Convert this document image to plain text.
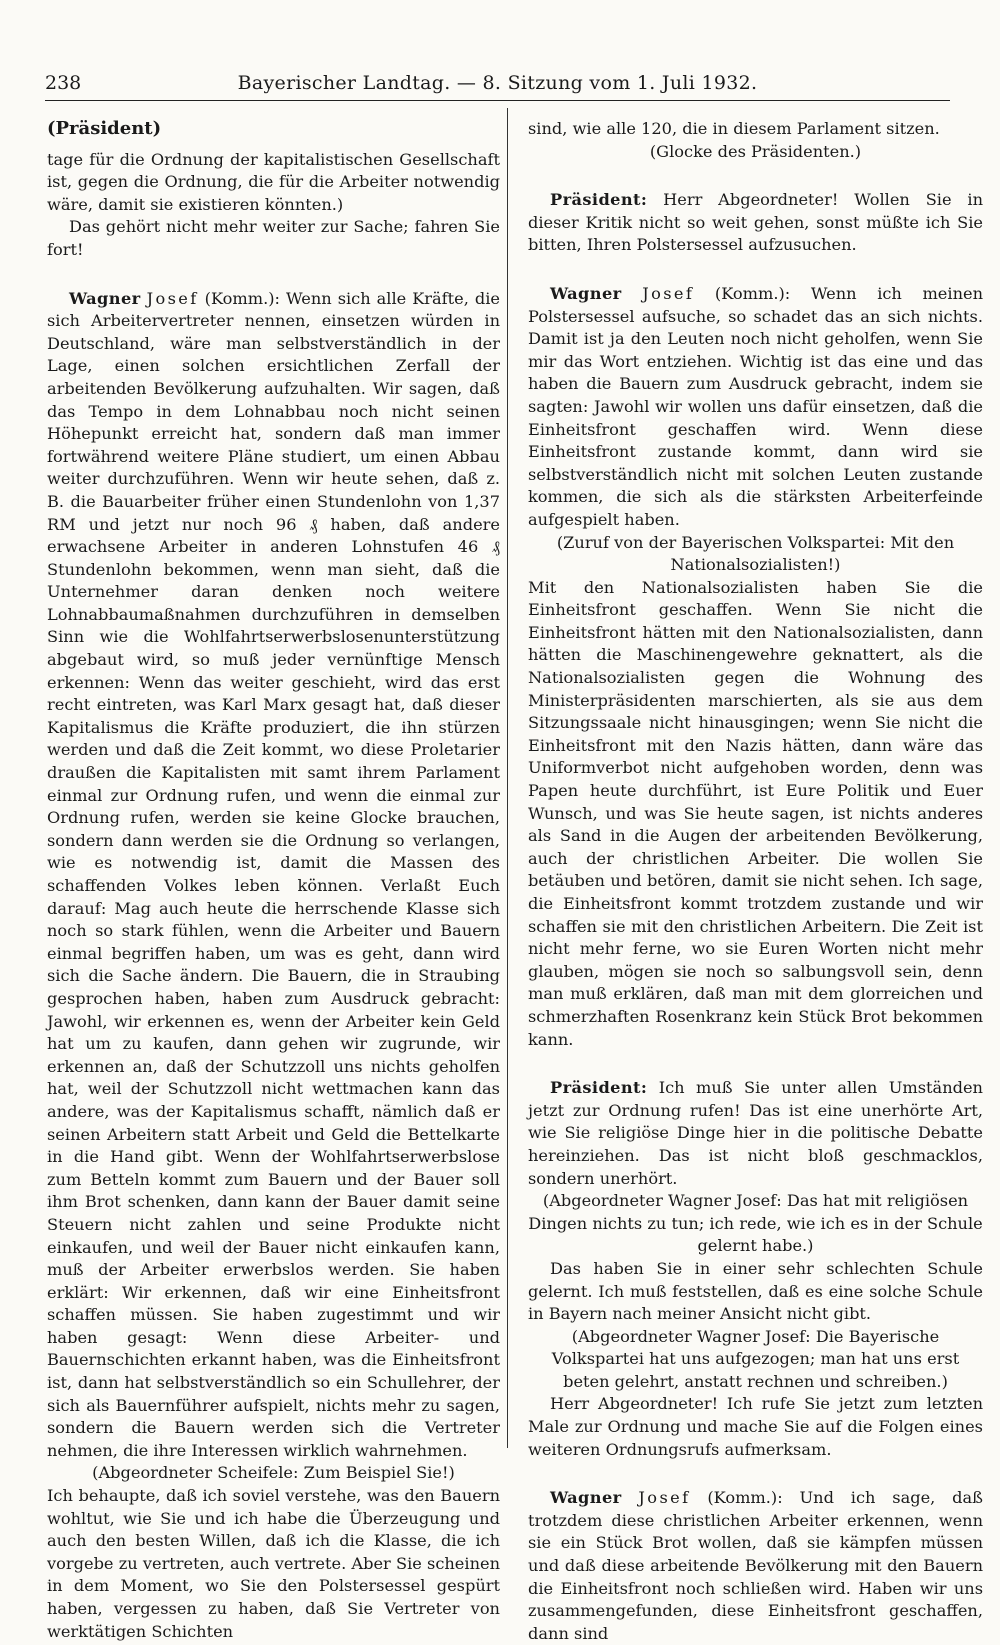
238	Bayerischer Landtag. — 8. Sitzung vom 1. Juli 1932.

(Präsident)

tage für die Ordnung der kapitalistischen Gesellschaft ist, gegen die Ordnung, die für die Arbeiter notwendig wäre, damit sie existieren könnten.)

Das gehört nicht mehr weiter zur Sache; fahren Sie fort!

Wagner Josef (Komm.): Wenn sich alle Kräfte, die sich Arbeitervertreter nennen, einsetzen würden in Deutschland, wäre man selbstverständlich in der Lage, einen solchen ersichtlichen Zerfall der arbeitenden Bevölkerung aufzuhalten. Wir sagen, daß das Tempo in dem Lohnabbau noch nicht seinen Höhepunkt erreicht hat, sondern daß man immer fortwährend weitere Pläne studiert, um einen Abbau weiter durchzuführen. Wenn wir heute sehen, daß z. B. die Bauarbeiter früher einen Stundenlohn von 1,37 RM und jetzt nur noch 96 ₰ haben, daß andere erwachsene Arbeiter in anderen Lohnstufen 46 ₰ Stundenlohn bekommen, wenn man sieht, daß die Unternehmer daran denken noch weitere Lohnabbaumaßnahmen durchzuführen in demselben Sinn wie die Wohlfahrtserwerbslosenunterstützung abgebaut wird, so muß jeder vernünftige Mensch erkennen: Wenn das weiter geschieht, wird das erst recht eintreten, was Karl Marx gesagt hat, daß dieser Kapitalismus die Kräfte produziert, die ihn stürzen werden und daß die Zeit kommt, wo diese Proletarier draußen die Kapitalisten mit samt ihrem Parlament einmal zur Ordnung rufen, und wenn die einmal zur Ordnung rufen, werden sie keine Glocke brauchen, sondern dann werden sie die Ordnung so verlangen, wie es notwendig ist, damit die Massen des schaffenden Volkes leben können. Verlaßt Euch darauf: Mag auch heute die herrschende Klasse sich noch so stark fühlen, wenn die Arbeiter und Bauern einmal begriffen haben, um was es geht, dann wird sich die Sache ändern. Die Bauern, die in Straubing gesprochen haben, haben zum Ausdruck gebracht: Jawohl, wir erkennen es, wenn der Arbeiter kein Geld hat um zu kaufen, dann gehen wir zugrunde, wir erkennen an, daß der Schutzzoll uns nichts geholfen hat, weil der Schutzzoll nicht wettmachen kann das andere, was der Kapitalismus schafft, nämlich daß er seinen Arbeitern statt Arbeit und Geld die Bettelkarte in die Hand gibt. Wenn der Wohlfahrtserwerbslose zum Betteln kommt zum Bauern und der Bauer soll ihm Brot schenken, dann kann der Bauer damit seine Steuern nicht zahlen und seine Produkte nicht einkaufen, und weil der Bauer nicht einkaufen kann, muß der Arbeiter erwerbslos werden. Sie haben erklärt: Wir erkennen, daß wir eine Einheitsfront schaffen müssen. Sie haben zugestimmt und wir haben gesagt: Wenn diese Arbeiter- und Bauernschichten erkannt haben, was die Einheitsfront ist, dann hat selbstverständlich so ein Schullehrer, der sich als Bauernführer aufspielt, nichts mehr zu sagen, sondern die Bauern werden sich die Vertreter nehmen, die ihre Interessen wirklich wahrnehmen.

(Abgeordneter Scheifele: Zum Beispiel Sie!)

Ich behaupte, daß ich soviel verstehe, was den Bauern wohltut, wie Sie und ich habe die Überzeugung und auch den besten Willen, daß ich die Klasse, die ich vorgebe zu vertreten, auch vertrete. Aber Sie scheinen in dem Moment, wo Sie den Polstersessel gespürt haben, vergessen zu haben, daß Sie Vertreter von werktätigen Schichten

sind, wie alle 120, die in diesem Parlament sitzen.

(Glocke des Präsidenten.)

Präsident: Herr Abgeordneter! Wollen Sie in dieser Kritik nicht so weit gehen, sonst müßte ich Sie bitten, Ihren Polstersessel aufzusuchen.

Wagner Josef (Komm.): Wenn ich meinen Polstersessel aufsuche, so schadet das an sich nichts. Damit ist ja den Leuten noch nicht geholfen, wenn Sie mir das Wort entziehen. Wichtig ist das eine und das haben die Bauern zum Ausdruck gebracht, indem sie sagten: Jawohl wir wollen uns dafür einsetzen, daß die Einheitsfront geschaffen wird. Wenn diese Einheitsfront zustande kommt, dann wird sie selbstverständlich nicht mit solchen Leuten zustande kommen, die sich als die stärksten Arbeiterfeinde aufgespielt haben.

(Zuruf von der Bayerischen Volkspartei: Mit den Nationalsozialisten!)

Mit den Nationalsozialisten haben Sie die Einheitsfront geschaffen. Wenn Sie nicht die Einheitsfront hätten mit den Nationalsozialisten, dann hätten die Maschinengewehre geknattert, als die Nationalsozialisten gegen die Wohnung des Ministerpräsidenten marschierten, als sie aus dem Sitzungssaale nicht hinausgingen; wenn Sie nicht die Einheitsfront mit den Nazis hätten, dann wäre das Uniformverbot nicht aufgehoben worden, denn was Papen heute durchführt, ist Eure Politik und Euer Wunsch, und was Sie heute sagen, ist nichts anderes als Sand in die Augen der arbeitenden Bevölkerung, auch der christlichen Arbeiter. Die wollen Sie betäuben und betören, damit sie nicht sehen. Ich sage, die Einheitsfront kommt trotzdem zustande und wir schaffen sie mit den christlichen Arbeitern. Die Zeit ist nicht mehr ferne, wo sie Euren Worten nicht mehr glauben, mögen sie noch so salbungsvoll sein, denn man muß erklären, daß man mit dem glorreichen und schmerzhaften Rosenkranz kein Stück Brot bekommen kann.

Präsident: Ich muß Sie unter allen Umständen jetzt zur Ordnung rufen! Das ist eine unerhörte Art, wie Sie religiöse Dinge hier in die politische Debatte hereinziehen. Das ist nicht bloß geschmacklos, sondern unerhört.

(Abgeordneter Wagner Josef: Das hat mit religiösen Dingen nichts zu tun; ich rede, wie ich es in der Schule gelernt habe.)

Das haben Sie in einer sehr schlechten Schule gelernt. Ich muß feststellen, daß es eine solche Schule in Bayern nach meiner Ansicht nicht gibt.

(Abgeordneter Wagner Josef: Die Bayerische Volkspartei hat uns aufgezogen; man hat uns erst beten gelehrt, anstatt rechnen und schreiben.)

Herr Abgeordneter! Ich rufe Sie jetzt zum letzten Male zur Ordnung und mache Sie auf die Folgen eines weiteren Ordnungsrufs aufmerksam.

Wagner Josef (Komm.): Und ich sage, daß trotzdem diese christlichen Arbeiter erkennen, wenn sie ein Stück Brot wollen, daß sie kämpfen müssen und daß diese arbeitende Bevölkerung mit den Bauern die Einheitsfront noch schließen wird. Haben wir uns zusammengefunden, diese Einheitsfront geschaffen, dann sind
